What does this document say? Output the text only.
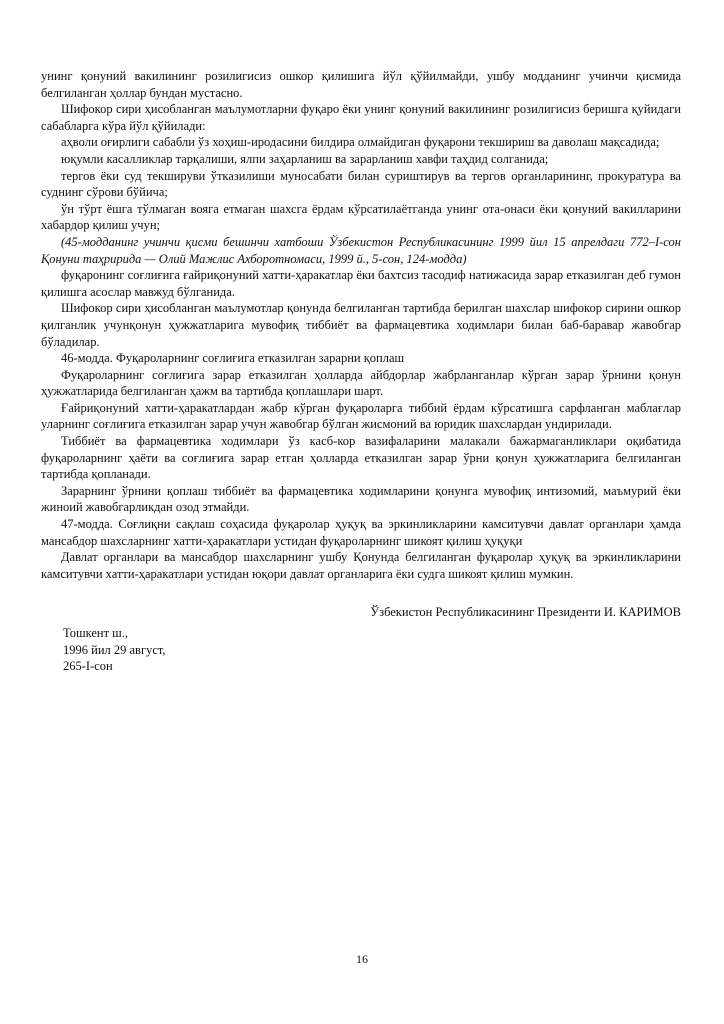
унинг қонуний вакилининг розилигисиз ошкор қилишига йўл қўйилмайди, ушбу модданинг учинчи қисмида белгиланган ҳоллар бундан мустасно.

Шифокор сири ҳисобланган маълумотларни фуқаро ёки унинг қонуний вакилининг розилигисиз беришга қуйидаги сабабларга кўра йўл қўйилади:

аҳволи оғирлиги сабабли ўз хоҳиш-иродасини билдира олмайдиган фуқарони текшириш ва даволаш мақсадида;

юқумли касалликлар тарқалиши, ялпи заҳарланиш ва зарарланиш хавфи таҳдид солганида;

тергов ёки суд текшируви ўтказилиши муносабати билан суриштирув ва тергов органларининг, прокуратура ва суднинг сўрови бўйича;

ўн тўрт ёшга тўлмаган вояга етмаган шахсга ёрдам кўрсатилаётганда унинг ота-онаси ёки қонуний вакилларини хабардор қилиш учун;

(45-модданинг учинчи қисми бешинчи хатбоши Ўзбекистон Республикасининг 1999 йил 15 апрелдаги 772–I-сон Қонуни таҳририда — Олий Мажлис Ахборотномаси, 1999 й., 5-сон, 124-модда)

фуқаронинг соғлиғига ғайриқонуний хатти-ҳаракатлар ёки бахтсиз тасодиф натижасида зарар етказилган деб гумон қилишга асослар мавжуд бўлганида.

Шифокор сири ҳисобланган маълумотлар қонунда белгиланган тартибда берилган шахслар шифокор сирини ошкор қилганлик учунқонун ҳужжатларига мувофиқ тиббиёт ва фармацевтика ходимлари билан баб-баравар жавобгар бўладилар.

46-модда. Фуқароларнинг соғлиғига етказилган зарарни қоплаш

Фуқароларнинг соғлиғига зарар етказилган ҳолларда айбдорлар жабрланганлар кўрган зарар ўрнини қонун ҳужжатларида белгиланган ҳажм ва тартибда қоплашлари шарт.

Ғайриқонуний хатти-ҳаракатлардан жабр кўрган фуқароларга тиббий ёрдам кўрсатишга сарфланган маблағлар уларнинг соғлиғига етказилган зарар учун жавобгар бўлган жисмоний ва юридик шахслардан ундирилади.

Тиббиёт ва фармацевтика ходимлари ўз касб-кор вазифаларини малакали бажармаганликлари оқибатида фуқароларнинг ҳаёти ва соғлиғига зарар етган ҳолларда етказилган зарар ўрни қонун ҳужжатларига белгиланган тартибда қопланади.

Зарарнинг ўрнини қоплаш тиббиёт ва фармацевтика ходимларини қонунга мувофиқ интизомий, маъмурий ёки жиноий жавобгарликдан озод этмайди.

47-модда. Соғлиқни сақлаш соҳасида фуқаролар ҳуқуқ ва эркинликларини камситувчи давлат органлари ҳамда мансабдор шахсларнинг хатти-ҳаракатлари устидан фуқароларнинг шикоят қилиш ҳуқуқи

Давлат органлари ва мансабдор шахсларнинг ушбу Қонунда белгиланган фуқаролар ҳуқуқ ва эркинликларини камситувчи хатти-ҳаракатлари устидан юқори давлат органларига ёки судга шикоят қилиш мумкин.

Ўзбекистон Республикасининг Президенти И. КАРИМОВ
Тошкент ш.,
1996 йил 29 август,
265-I-сон
16
